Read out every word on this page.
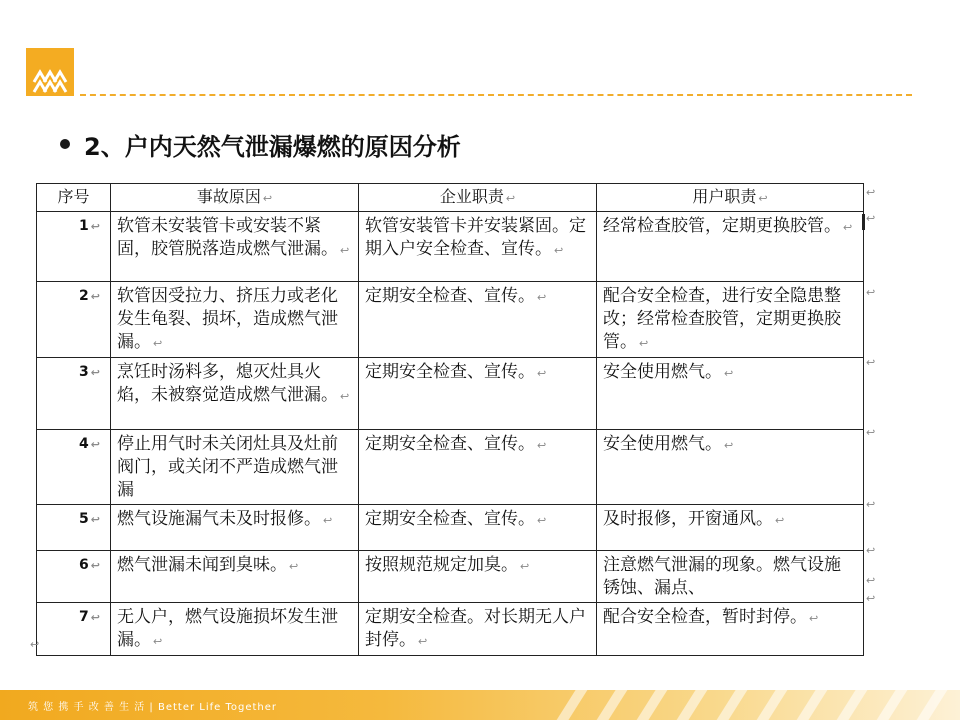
2、户内天然气泄漏爆燃的原因分析
序号	事故原因 ↩	企业职责 ↩	用户职责 ↩
1 ↩	软管未安装管卡或安装不紧固，胶管脱落造成燃气泄漏。 ↩	软管安装管卡并安装紧固。定期入户安全检查、宣传。 ↩	经常检查胶管，定期更换胶管。 ↩
2 ↩	软管因受拉力、挤压力或老化发生龟裂、损坏，造成燃气泄漏。 ↩	定期安全检查、宣传。 ↩	配合安全检查，进行安全隐患整改；经常检查胶管，定期更换胶管。 ↩
3 ↩	烹饪时汤料多，熄灭灶具火焰，未被察觉造成燃气泄漏。 ↩	定期安全检查、宣传。 ↩	安全使用燃气。 ↩
4 ↩	停止用气时未关闭灶具及灶前阀门，或关闭不严造成燃气泄漏	定期安全检查、宣传。 ↩	安全使用燃气。 ↩
5 ↩	燃气设施漏气未及时报修。 ↩	定期安全检查、宣传。 ↩	及时报修，开窗通风。 ↩
6 ↩	燃气泄漏未闻到臭味。 ↩	按照规范规定加臭。 ↩	注意燃气泄漏的现象。燃气设施锈蚀、漏点、
7 ↩	无人户，燃气设施损坏发生泄漏。 ↩	定期安全检查。对长期无人户封停。 ↩	配合安全检查，暂时封停。 ↩
↩
↩
↩
↩
↩
↩
↩
↩
↩
↩
筑 您 携 手 改 善 生 活 | Better Life Together
